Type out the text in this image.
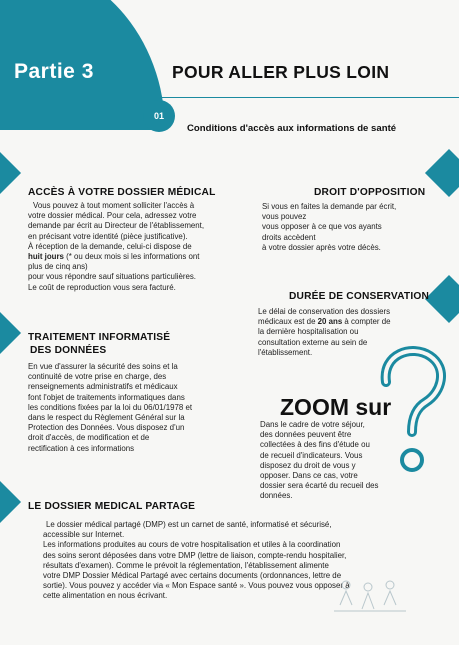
Partie 3	POUR ALLER PLUS LOIN
01
Conditions d'accès aux informations de santé
ACCÈS À VOTRE DOSSIER MÉDICAL

Vous pouvez à tout moment solliciter l'accès à

votre dossier médical. Pour cela, adressez votre

demande par écrit au Directeur de l'établissement,

en précisant votre identité (pièce justificative).

À réception de la demande, celui-ci dispose de

huit jours (* ou deux mois si les informations ont

plus de cinq ans)

pour vous répondre sauf situations particulières.

Le coût de reproduction vous sera facturé.

DROIT D'OPPOSITION

Si vous en faites la demande par écrit,

vous pouvez

vous opposer à ce que vos ayants

droits accèdent

à votre dossier après votre décès.

DURÉE DE CONSERVATION

Le délai de conservation des dossiers

médicaux est de 20 ans à compter de

la dernière hospitalisation ou

consultation externe au sein de

l'établissement.

TRAITEMENT INFORMATISÉ
DES DONNÉES

En vue d'assurer la sécurité des soins et la

continuité de votre prise en charge, des

renseignements administratifs et médicaux

font l'objet de traitements informatiques dans

les conditions fixées par la loi du 06/01/1978 et

dans le respect du Règlement Général sur la

Protection des Données. Vous disposez d'un

droit d'accès, de modification et de

rectification à ces informations

ZOOM sur

Dans le cadre de votre séjour,

des données peuvent être

collectées à des fins d'étude ou

de recueil d'indicateurs. Vous

disposez du droit de vous y

opposer. Dans ce cas, votre

dossier sera écarté du recueil des

données.

LE DOSSIER MEDICAL PARTAGE

Le dossier médical partagé (DMP) est un carnet de santé, informatisé et sécurisé,

accessible sur Internet.

Les informations produites au cours de votre hospitalisation et utiles à la coordination

des soins seront déposées dans votre DMP (lettre de liaison, compte-rendu hospitalier,

résultats d'examen). Comme le prévoit la réglementation, l'établissement alimente

votre DMP Dossier Médical Partagé avec certains documents (ordonnances, lettre de

sortie). Vous pouvez y accéder via « Mon Espace santé ». Vous pouvez vous opposer à

cette alimentation en nous écrivant.
